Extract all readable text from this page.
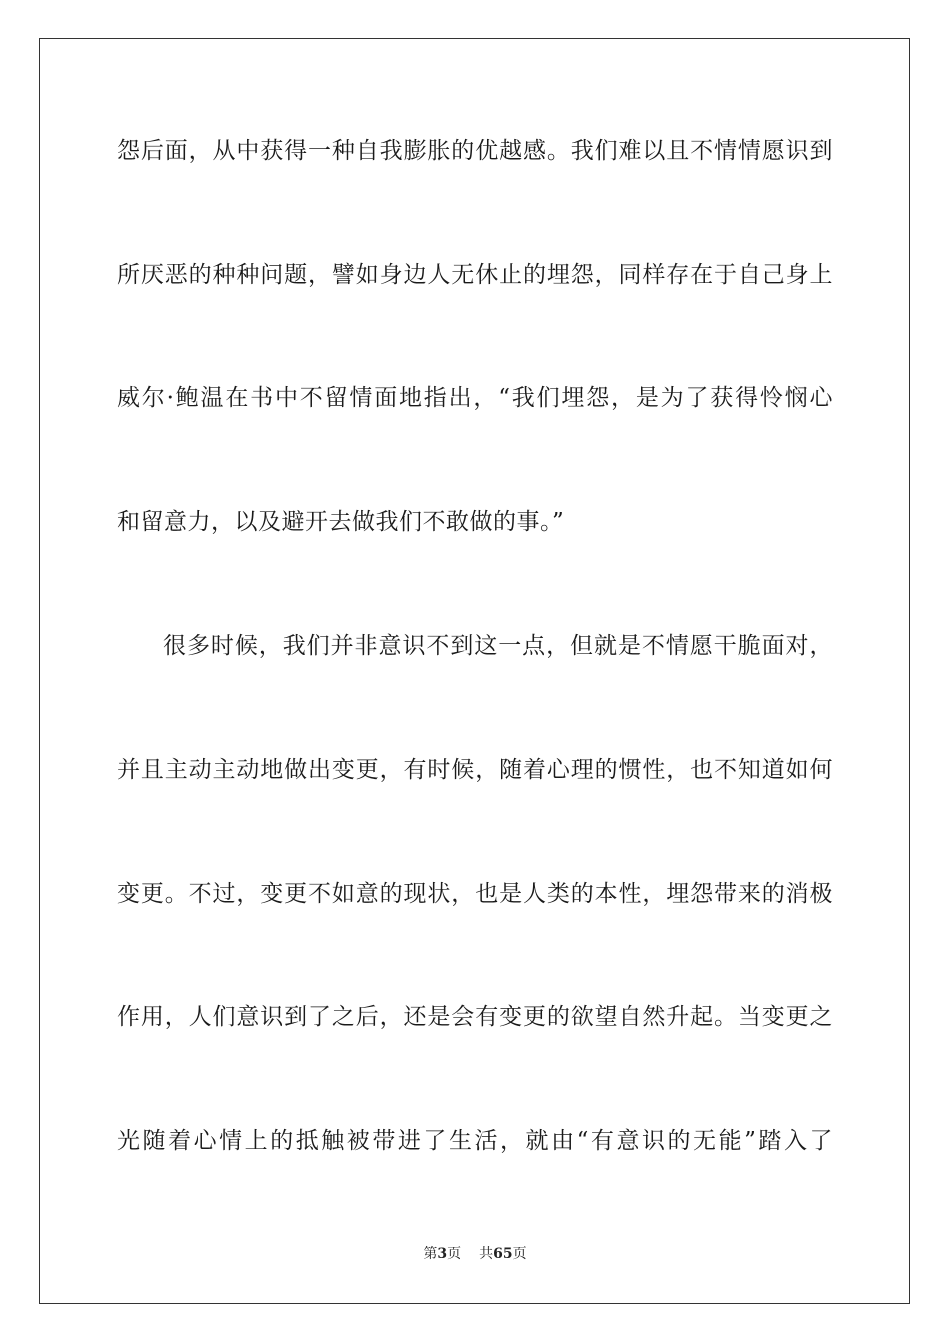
怨后面，从中获得一种自我膨胀的优越感。我们难以且不情情愿识到
所厌恶的种种问题，譬如身边人无休止的埋怨，同样存在于自己身上
威尔·鲍温在书中不留情面地指出，“我们埋怨，是为了获得怜悯心
和留意力，以及避开去做我们不敢做的事。”
很多时候，我们并非意识不到这一点，但就是不情愿干脆面对，
并且主动主动地做出变更，有时候，随着心理的惯性，也不知道如何
变更。不过，变更不如意的现状，也是人类的本性，埋怨带来的消极
作用，人们意识到了之后，还是会有变更的欲望自然升起。当变更之
光随着心情上的抵触被带进了生活，就由“有意识的无能”踏入了
第3页 共65页
